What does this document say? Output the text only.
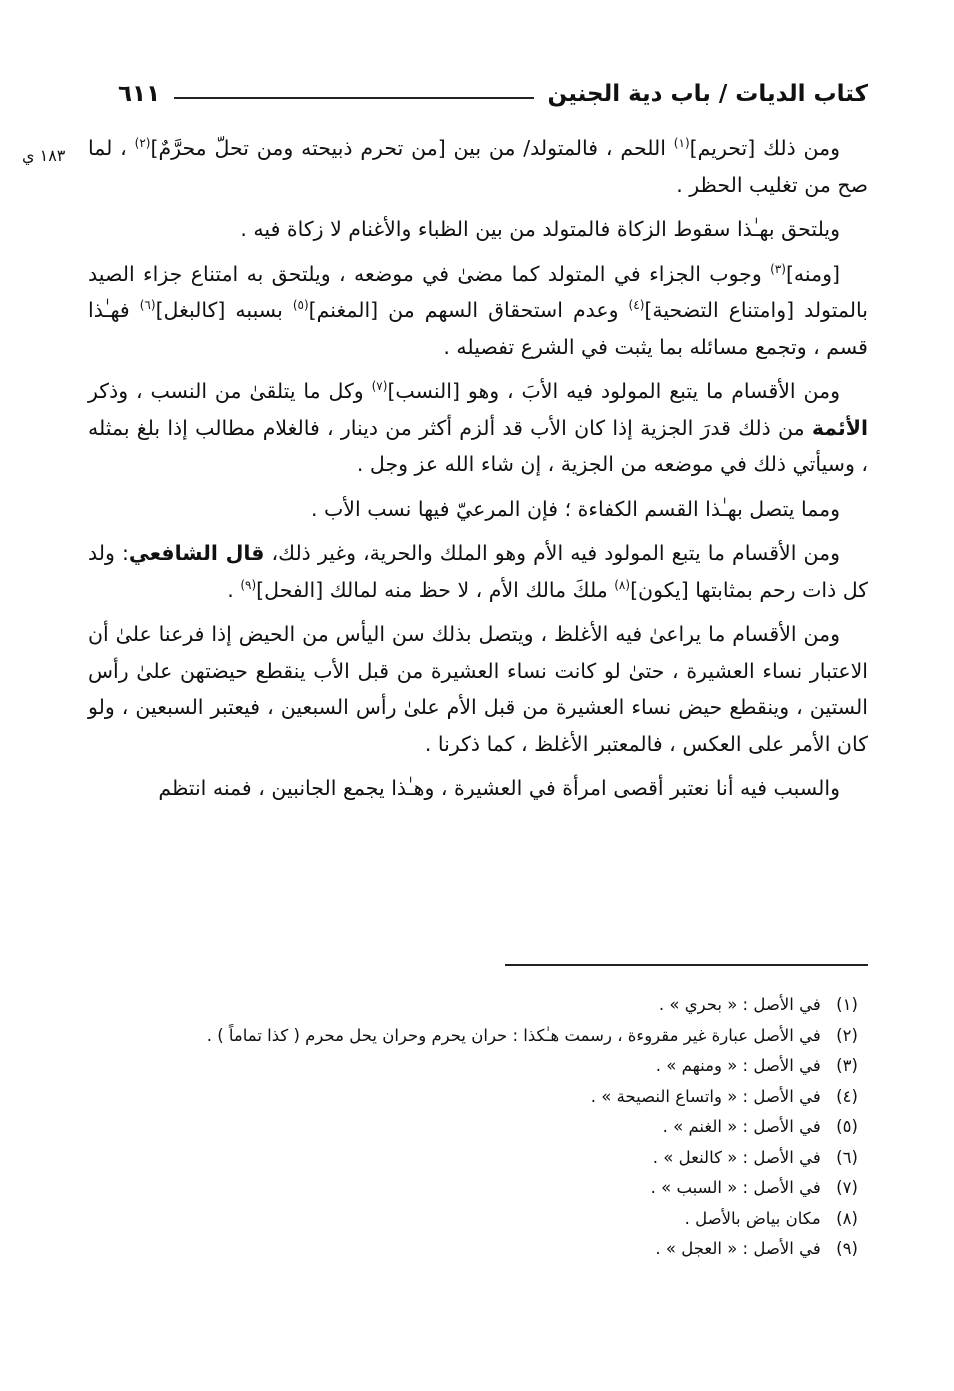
كتاب الديات / باب دية الجنين
٦١١
١٨٣ ي	ومن ذلك [تحريم]$^{(١)}$ اللحم ، فالمتولد/ من بين [من تحرم ذبيحته ومن تحلّ محرَّمٌ]$^{(٢)}$ ، لما صح من تغليب الحظر .

ويلتحق بهـٰذا سقوط الزكاة فالمتولد من بين الظباء والأغنام لا زكاة فيه .

[ومنه]$^{(٣)}$ وجوب الجزاء في المتولد كما مضىٰ في موضعه ، ويلتحق به امتناع جزاء الصيد بالمتولد [وامتناع التضحية]$^{(٤)}$ وعدم استحقاق السهم من [المغنم]$^{(٥)}$ بسببه [كالبغل]$^{(٦)}$ فهـٰذا قسم ، وتجمع مسائله بما يثبت في الشرع تفصيله .

ومن الأقسام ما يتبع المولود فيه الأبَ ، وهو [النسب]$^{(٧)}$ وكل ما يتلقىٰ من النسب ، وذكر الأئمة من ذلك قدرَ الجزية إذا كان الأب قد ألزم أكثر من دينار ، فالغلام مطالب إذا بلغ بمثله ، وسيأتي ذلك في موضعه من الجزية ، إن شاء الله عز وجل .

ومما يتصل بهـٰذا القسم الكفاءة ؛ فإن المرعيّ فيها نسب الأب .

ومن الأقسام ما يتبع المولود فيه الأم وهو الملك والحرية، وغير ذلك، قال الشافعي: ولد كل ذات رحم بمثابتها [يكون]$^{(٨)}$ ملكَ مالك الأم ، لا حظ منه لمالك [الفحل]$^{(٩)}$ .

ومن الأقسام ما يراعىٰ فيه الأغلظ ، ويتصل بذلك سن اليأس من الحيض إذا فرعنا علىٰ أن الاعتبار نساء العشيرة ، حتىٰ لو كانت نساء العشيرة من قبل الأب ينقطع حيضتهن علىٰ رأس الستين ، وينقطع حيض نساء العشيرة من قبل الأم علىٰ رأس السبعين ، فيعتبر السبعين ، ولو كان الأمر على العكس ، فالمعتبر الأغلظ ، كما ذكرنا .

والسبب فيه أنا نعتبر أقصى امرأة في العشيرة ، وهـٰذا يجمع الجانبين ، فمنه انتظم

(١) في الأصل : « بحري » .
(٢) في الأصل عبارة غير مقروءة ، رسمت هـٰكذا : حران يحرم وحران يحل محرم ( كذا تماماً ) .
(٣) في الأصل : « ومنهم » .
(٤) في الأصل : « واتساع النصيحة » .
(٥) في الأصل : « الغنم » .
(٦) في الأصل : « كالنعل » .
(٧) في الأصل : « السبب » .
(٨) مكان بياض بالأصل .
(٩) في الأصل : « العجل » .
